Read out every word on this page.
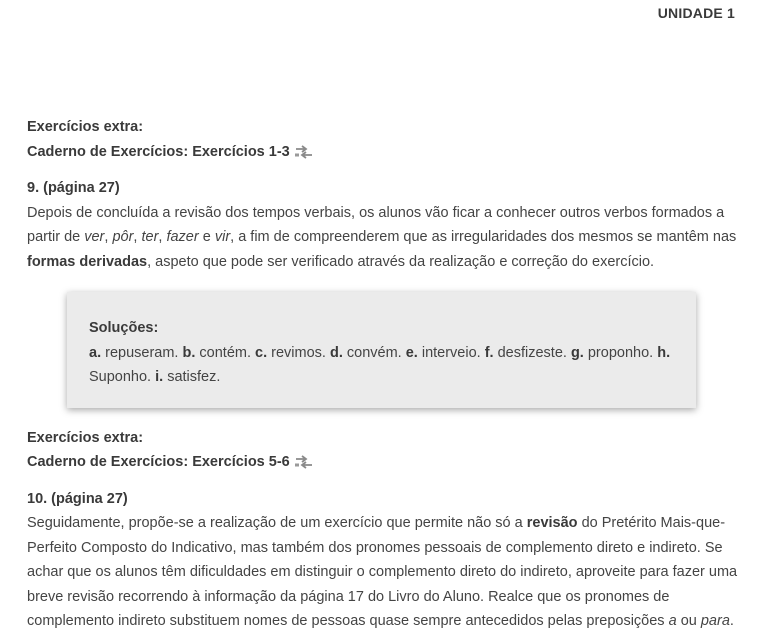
UNIDADE 1
Exercícios extra:
Caderno de Exercícios: Exercícios 1-3
9. (página 27)

Depois de concluída a revisão dos tempos verbais, os alunos vão ficar a conhecer outros verbos formados a partir de ver, pôr, ter, fazer e vir, a fim de compreenderem que as irregularidades dos mesmos se mantêm nas formas derivadas, aspeto que pode ser verificado através da realização e correção do exercício.

Soluções:

a. repuseram. b. contém. c. revimos. d. convém. e. interveio. f. desfizeste. g. proponho. h. Suponho. i. satisfez.

Exercícios extra:
Caderno de Exercícios: Exercícios 5-6
10. (página 27)

Seguidamente, propõe-se a realização de um exercício que permite não só a revisão do Pretérito Mais-que-Perfeito Composto do Indicativo, mas também dos pronomes pessoais de complemento direto e indireto. Se achar que os alunos têm dificuldades em distinguir o complemento direto do indireto, aproveite para fazer uma breve revisão recorrendo à informação da página 17 do Livro do Aluno. Realce que os pronomes de complemento indireto substituem nomes de pessoas quase sempre antecedidos pelas preposições a ou para.
